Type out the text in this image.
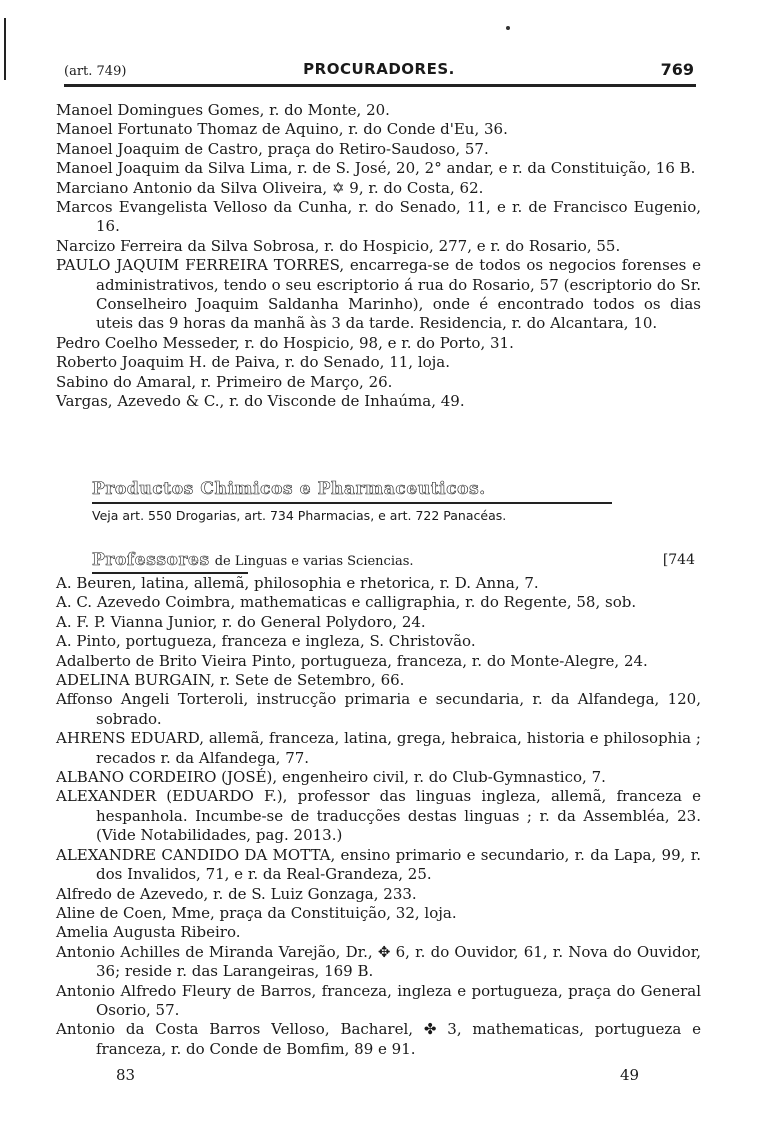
(art. 749)	PROCURADORES.	769
Manoel Domingues Gomes, r. do Monte, 20.
Manoel Fortunato Thomaz de Aquino, r. do Conde d'Eu, 36.
Manoel Joaquim de Castro, praça do Retiro-Saudoso, 57.
Manoel Joaquim da Silva Lima, r. de S. José, 20, 2° andar, e r. da Constituição, 16 B.
Marciano Antonio da Silva Oliveira, ✡ 9, r. do Costa, 62.
Marcos Evangelista Velloso da Cunha, r. do Senado, 11, e r. de Francisco Eugenio, 16.
Narcizo Ferreira da Silva Sobrosa, r. do Hospicio, 277, e r. do Rosario, 55.
PAULO JAQUIM FERREIRA TORRES, encarrega-se de todos os negocios forenses e administrativos, tendo o seu escriptorio á rua do Rosario, 57 (escriptorio do Sr. Conselheiro Joaquim Saldanha Marinho), onde é encontrado todos os dias uteis das 9 horas da manhã às 3 da tarde. Residencia, r. do Alcantara, 10.
Pedro Coelho Messeder, r. do Hospicio, 98, e r. do Porto, 31.
Roberto Joaquim H. de Paiva, r. do Senado, 11, loja.
Sabino do Amaral, r. Primeiro de Março, 26.
Vargas, Azevedo & C., r. do Visconde de Inhaúma, 49.
Productos Chimicos e Pharmaceuticos.
Veja art. 550 Drogarias, art. 734 Pharmacias, e art. 722 Panacéas.
Professores de Linguas e varias Sciencias.	[744
A. Beuren, latina, allemã, philosophia e rhetorica, r. D. Anna, 7.
A. C. Azevedo Coimbra, mathematicas e calligraphia, r. do Regente, 58, sob.
A. F. P. Vianna Junior, r. do General Polydoro, 24.
A. Pinto, portugueza, franceza e ingleza, S. Christovão.
Adalberto de Brito Vieira Pinto, portugueza, franceza, r. do Monte-Alegre, 24.
ADELINA BURGAIN, r. Sete de Setembro, 66.
Affonso Angeli Torteroli, instrucção primaria e secundaria, r. da Alfandega, 120, sobrado.
AHRENS EDUARD, allemã, franceza, latina, grega, hebraica, historia e philosophia ; recados r. da Alfandega, 77.
ALBANO CORDEIRO (JOSÉ), engenheiro civil, r. do Club-Gymnastico, 7.
ALEXANDER (EDUARDO F.), professor das linguas ingleza, allemã, franceza e hespanhola. Incumbe-se de traducções destas linguas ; r. da Assembléa, 23. (Vide Notabilidades, pag. 2013.)
ALEXANDRE CANDIDO DA MOTTA, ensino primario e secundario, r. da Lapa, 99, r. dos Invalidos, 71, e r. da Real-Grandeza, 25.
Alfredo de Azevedo, r. de S. Luiz Gonzaga, 233.
Aline de Coen, Mme, praça da Constituição, 32, loja.
Amelia Augusta Ribeiro.
Antonio Achilles de Miranda Varejão, Dr., ✥ 6, r. do Ouvidor, 61, r. Nova do Ouvidor, 36; reside r. das Larangeiras, 169 B.
Antonio Alfredo Fleury de Barros, franceza, ingleza e portugueza, praça do General Osorio, 57.
Antonio da Costa Barros Velloso, Bacharel, ✤ 3, mathematicas, portugueza e franceza, r. do Conde de Bomfim, 89 e 91.
83	49
